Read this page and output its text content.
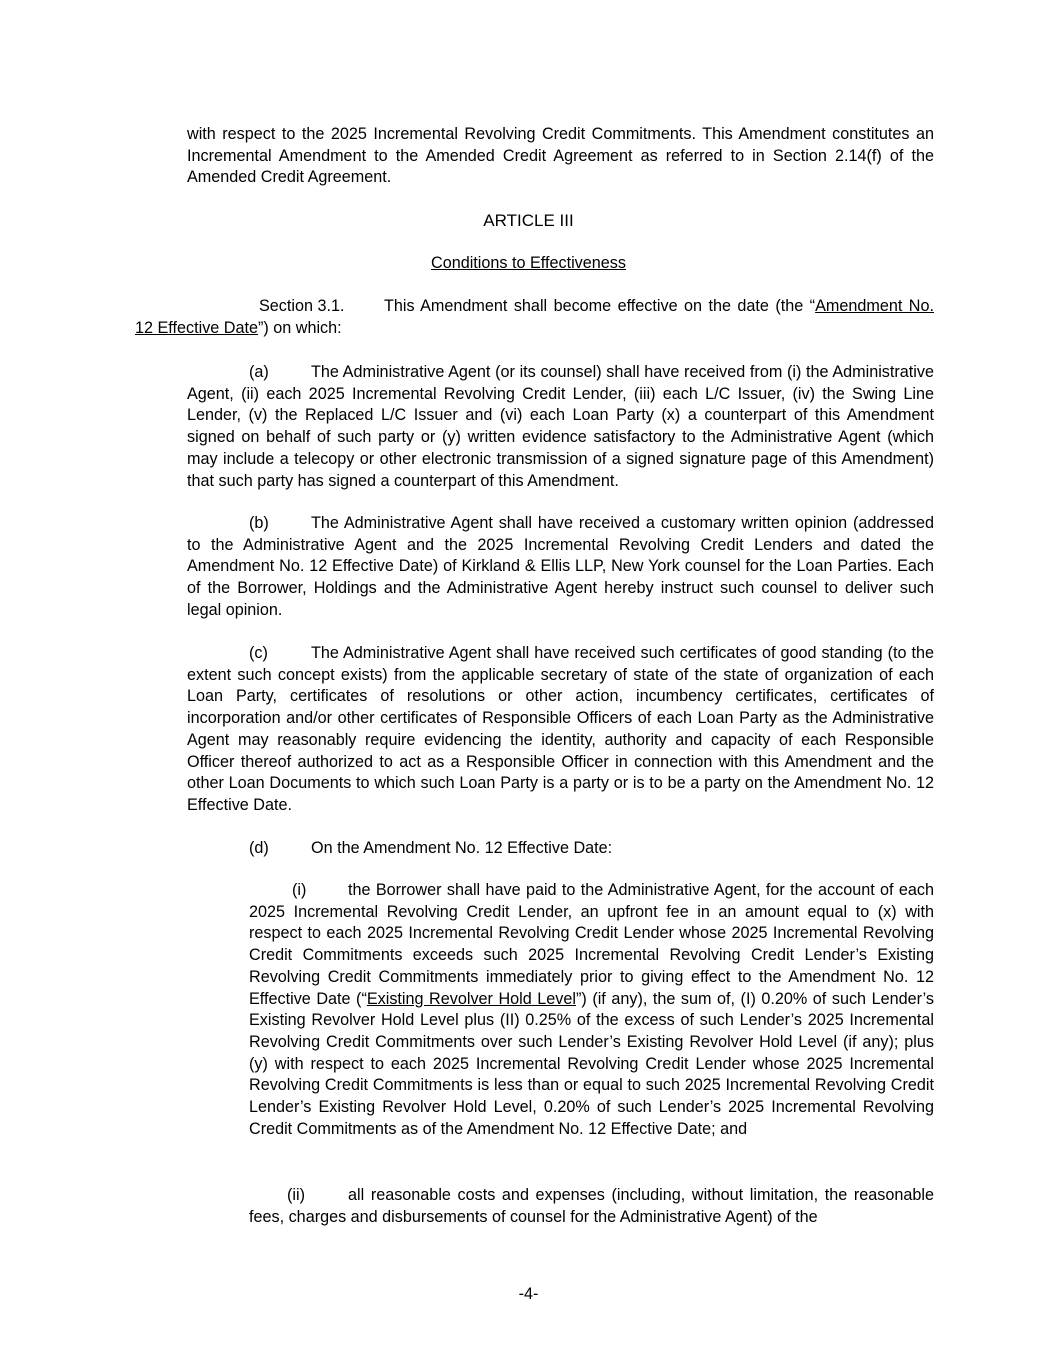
with respect to the 2025 Incremental Revolving Credit Commitments. This Amendment constitutes an Incremental Amendment to the Amended Credit Agreement as referred to in Section 2.14(f) of the Amended Credit Agreement.

ARTICLE III

Conditions to Effectiveness

Section 3.1. This Amendment shall become effective on the date (the “Amendment No. 12 Effective Date”) on which:

(a)	The Administrative Agent (or its counsel) shall have received from (i) the Administrative Agent, (ii) each 2025 Incremental Revolving Credit Lender, (iii) each L/C Issuer, (iv) the Swing Line Lender, (v) the Replaced L/C Issuer and (vi) each Loan Party (x) a counterpart of this Amendment signed on behalf of such party or (y) written evidence satisfactory to the Administrative Agent (which may include a telecopy or other electronic transmission of a signed signature page of this Amendment) that such party has signed a counterpart of this Amendment.

(b)	The Administrative Agent shall have received a customary written opinion (addressed to the Administrative Agent and the 2025 Incremental Revolving Credit Lenders and dated the Amendment No. 12 Effective Date) of Kirkland & Ellis LLP, New York counsel for the Loan Parties. Each of the Borrower, Holdings and the Administrative Agent hereby instruct such counsel to deliver such legal opinion.

(c)	The Administrative Agent shall have received such certificates of good standing (to the extent such concept exists) from the applicable secretary of state of the state of organization of each Loan Party, certificates of resolutions or other action, incumbency certificates, certificates of incorporation and/or other certificates of Responsible Officers of each Loan Party as the Administrative Agent may reasonably require evidencing the identity, authority and capacity of each Responsible Officer thereof authorized to act as a Responsible Officer in connection with this Amendment and the other Loan Documents to which such Loan Party is a party or is to be a party on the Amendment No. 12 Effective Date.

(d)	On the Amendment No. 12 Effective Date:

(i)	the Borrower shall have paid to the Administrative Agent, for the account of each 2025 Incremental Revolving Credit Lender, an upfront fee in an amount equal to (x) with respect to each 2025 Incremental Revolving Credit Lender whose 2025 Incremental Revolving Credit Commitments exceeds such 2025 Incremental Revolving Credit Lender’s Existing Revolving Credit Commitments immediately prior to giving effect to the Amendment No. 12 Effective Date (“Existing Revolver Hold Level”) (if any), the sum of, (I) 0.20% of such Lender’s Existing Revolver Hold Level plus (II) 0.25% of the excess of such Lender’s 2025 Incremental Revolving Credit Commitments over such Lender’s Existing Revolver Hold Level (if any); plus (y) with respect to each 2025 Incremental Revolving Credit Lender whose 2025 Incremental Revolving Credit Commitments is less than or equal to such 2025 Incremental Revolving Credit Lender’s Existing Revolver Hold Level, 0.20% of such Lender’s 2025 Incremental Revolving Credit Commitments as of the Amendment No. 12 Effective Date; and

(ii)	all reasonable costs and expenses (including, without limitation, the reasonable fees, charges and disbursements of counsel for the Administrative Agent) of the

-4-
